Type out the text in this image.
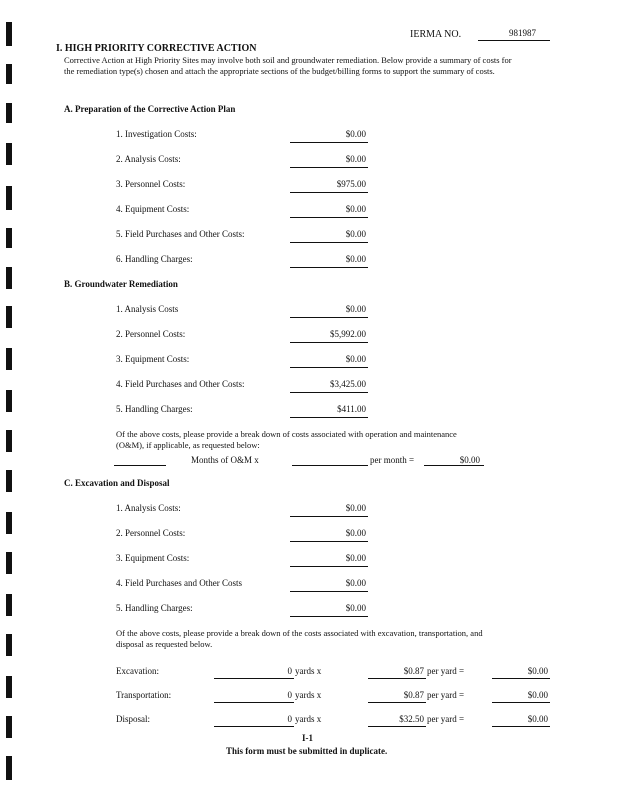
IERMA NO.	981987
I. HIGH PRIORITY CORRECTIVE ACTION
Corrective Action at High Priority Sites may involve both soil and groundwater remediation. Below provide a summary of costs for the remediation type(s) chosen and attach the appropriate sections of the budget/billing forms to support the summary of costs.
A. Preparation of the Corrective Action Plan
1. Investigation Costs:	$0.00
2. Analysis Costs:	$0.00
3. Personnel Costs:	$975.00
4. Equipment Costs:	$0.00
5. Field Purchases and Other Costs:	$0.00
6. Handling Charges:	$0.00
B. Groundwater Remediation
1. Analysis Costs	$0.00
2. Personnel Costs:	$5,992.00
3. Equipment Costs:	$0.00
4. Field Purchases and Other Costs:	$3,425.00
5. Handling Charges:	$411.00
Of the above costs, please provide a break down of costs associated with operation and maintenance (O&M), if applicable, as requested below:
Months of O&M x	per month =	$0.00
C. Excavation and Disposal
1. Analysis Costs:	$0.00
2. Personnel Costs:	$0.00
3. Equipment Costs:	$0.00
4. Field Purchases and Other Costs	$0.00
5. Handling Charges:	$0.00
Of the above costs, please provide a break down of the costs associated with excavation, transportation, and disposal as requested below.
Excavation:	0 yards x	$0.87 per yard =	$0.00
Transportation:	0 yards x	$0.87 per yard =	$0.00
Disposal:	0 yards x	$32.50 per yard =	$0.00
I-1
This form must be submitted in duplicate.
